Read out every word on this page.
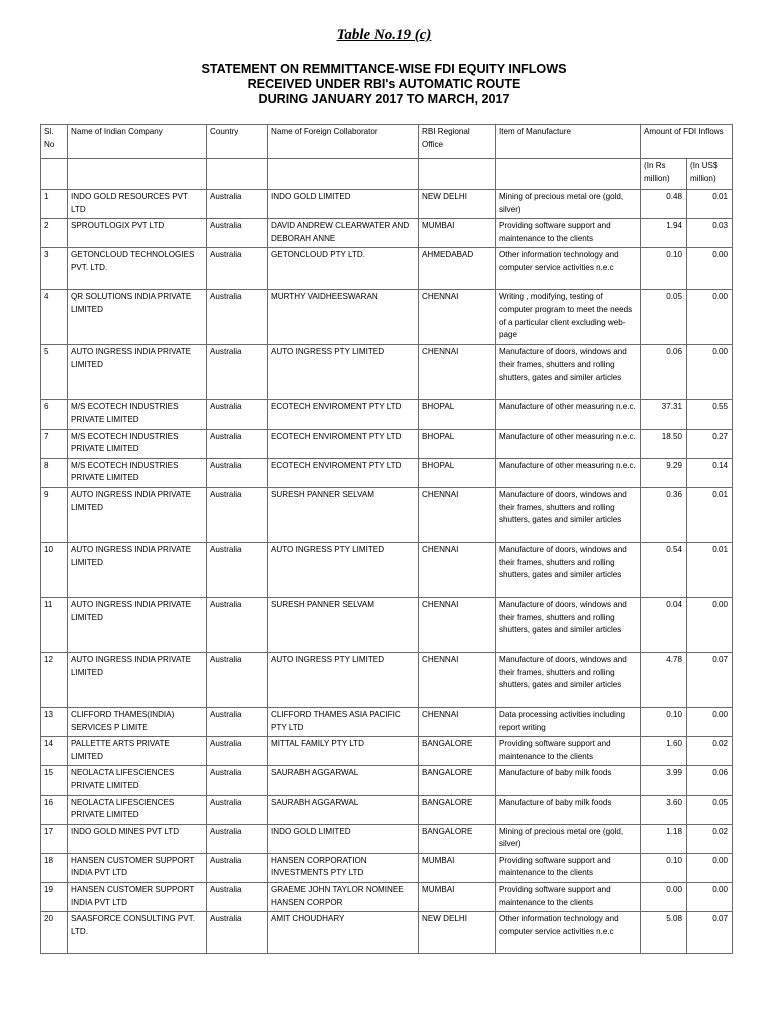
Table No.19 (c)
STATEMENT ON REMMITTANCE-WISE FDI EQUITY INFLOWS
RECEIVED UNDER RBI's AUTOMATIC ROUTE
DURING JANUARY 2017 TO MARCH, 2017
Sl. No	Name of Indian Company	Country	Name of Foreign Collaborator	RBI Regional Office	Item of Manufacture	Amount of FDI Inflows	
						(In Rs million)	(In US$ million)
1	INDO GOLD RESOURCES PVT LTD	Australia	INDO GOLD LIMITED	NEW DELHI	Mining of precious metal ore (gold, silver)	0.48	0.01
2	SPROUTLOGIX PVT LTD	Australia	DAVID ANDREW CLEARWATER AND DEBORAH ANNE	MUMBAI	Providing software support and maintenance to the clients	1.94	0.03
3	GETONCLOUD TECHNOLOGIES PVT. LTD.	Australia	GETONCLOUD PTY LTD.	AHMEDABAD	Other information technology and computer service activities n.e.c	0.10	0.00
4	QR SOLUTIONS INDIA PRIVATE LIMITED	Australia	MURTHY VAIDHEESWARAN	CHENNAI	Writing , modifying, testing of computer program to meet the needs of a particular client excluding web-page	0.05	0.00
5	AUTO INGRESS INDIA PRIVATE LIMITED	Australia	AUTO INGRESS PTY LIMITED	CHENNAI	Manufacture of doors, windows and their frames, shutters and rolling shutters, gates and similer articles	0.06	0.00
6	M/S ECOTECH INDUSTRIES PRIVATE LIMITED	Australia	ECOTECH ENVIROMENT PTY LTD	BHOPAL	Manufacture of other measuring n.e.c.	37.31	0.55
7	M/S ECOTECH INDUSTRIES PRIVATE LIMITED	Australia	ECOTECH ENVIROMENT PTY LTD	BHOPAL	Manufacture of other measuring n.e.c.	18.50	0.27
8	M/S ECOTECH INDUSTRIES PRIVATE LIMITED	Australia	ECOTECH ENVIROMENT PTY LTD	BHOPAL	Manufacture of other measuring n.e.c.	9.29	0.14
9	AUTO INGRESS INDIA PRIVATE LIMITED	Australia	SURESH PANNER SELVAM	CHENNAI	Manufacture of doors, windows and their frames, shutters and rolling shutters, gates and similer articles	0.36	0.01
10	AUTO INGRESS INDIA PRIVATE LIMITED	Australia	AUTO INGRESS PTY LIMITED	CHENNAI	Manufacture of doors, windows and their frames, shutters and rolling shutters, gates and similer articles	0.54	0.01
11	AUTO INGRESS INDIA PRIVATE LIMITED	Australia	SURESH PANNER SELVAM	CHENNAI	Manufacture of doors, windows and their frames, shutters and rolling shutters, gates and similer articles	0.04	0.00
12	AUTO INGRESS INDIA PRIVATE LIMITED	Australia	AUTO INGRESS PTY LIMITED	CHENNAI	Manufacture of doors, windows and their frames, shutters and rolling shutters, gates and similer articles	4.78	0.07
13	CLIFFORD THAMES(INDIA) SERVICES P LIMITE	Australia	CLIFFORD THAMES ASIA PACIFIC PTY LTD	CHENNAI	Data processing activities including report writing	0.10	0.00
14	PALLETTE ARTS PRIVATE LIMITED	Australia	MITTAL FAMILY PTY LTD	BANGALORE	Providing software support and maintenance to the clients	1.60	0.02
15	NEOLACTA LIFESCIENCES PRIVATE LIMITED	Australia	SAURABH AGGARWAL	BANGALORE	Manufacture of baby milk foods	3.99	0.06
16	NEOLACTA LIFESCIENCES PRIVATE LIMITED	Australia	SAURABH AGGARWAL	BANGALORE	Manufacture of baby milk foods	3.60	0.05
17	INDO GOLD MINES PVT LTD	Australia	INDO GOLD LIMITED	BANGALORE	Mining of precious metal ore (gold, silver)	1.18	0.02
18	HANSEN CUSTOMER SUPPORT INDIA PVT LTD	Australia	HANSEN CORPORATION INVESTMENTS PTY LTD	MUMBAI	Providing software support and maintenance to the clients	0.10	0.00
19	HANSEN CUSTOMER SUPPORT INDIA PVT LTD	Australia	GRAEME JOHN TAYLOR NOMINEE HANSEN CORPOR	MUMBAI	Providing software support and maintenance to the clients	0.00	0.00
20	SAASFORCE CONSULTING PVT. LTD.	Australia	AMIT CHOUDHARY	NEW DELHI	Other information technology and computer service activities n.e.c	5.08	0.07
